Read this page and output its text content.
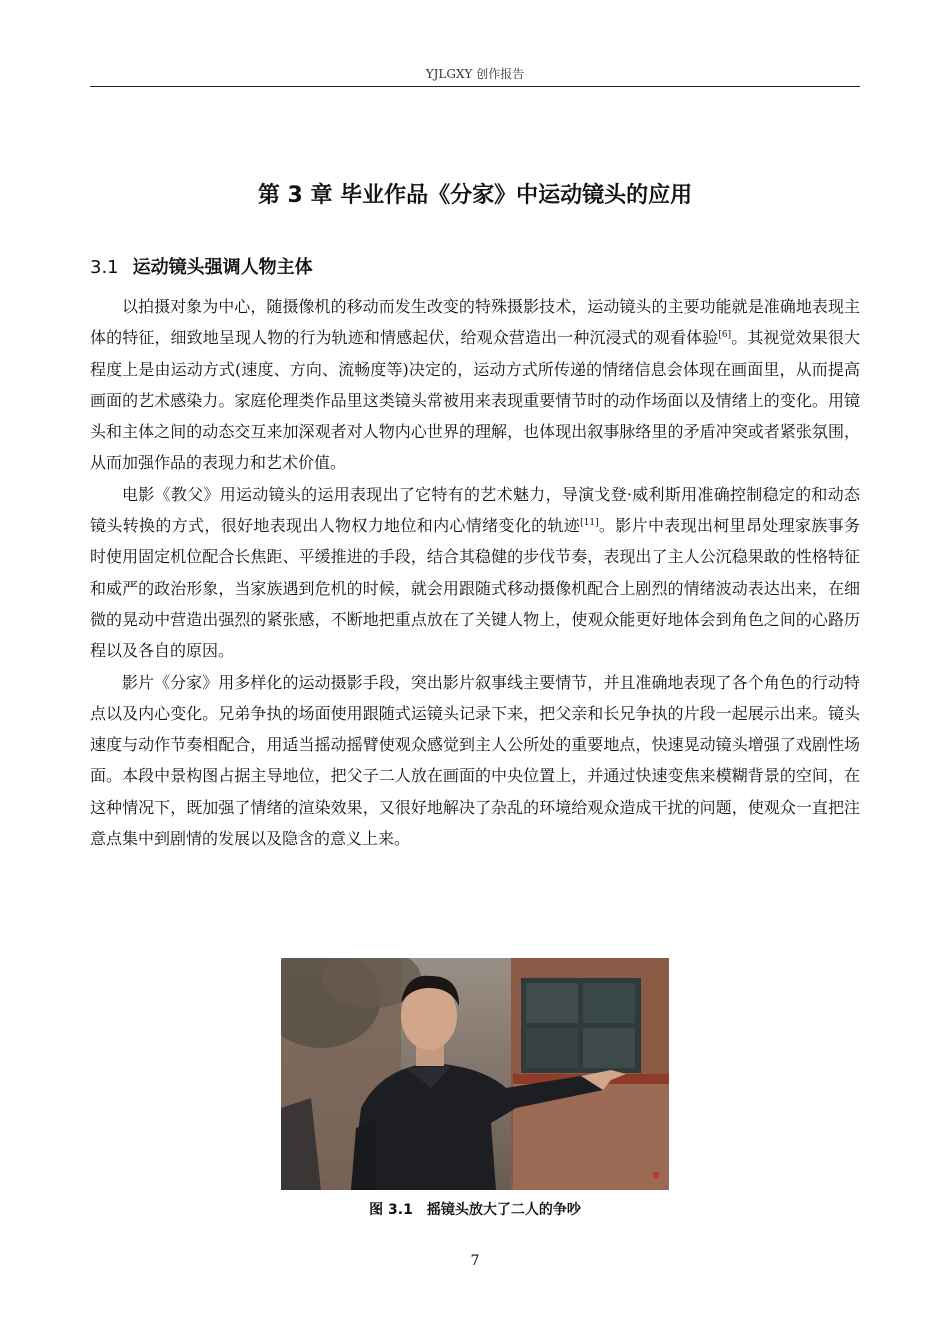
YJLGXY 创作报告
第 3 章 毕业作品《分家》中运动镜头的应用
3.1 运动镜头强调人物主体

以拍摄对象为中心，随摄像机的移动而发生改变的特殊摄影技术，运动镜头的主要功能就是准确地表现主体的特征，细致地呈现人物的行为轨迹和情感起伏，给观众营造出一种沉浸式的观看体验[6]。其视觉效果很大程度上是由运动方式(速度、方向、流畅度等)决定的，运动方式所传递的情绪信息会体现在画面里，从而提高画面的艺术感染力。家庭伦理类作品里这类镜头常被用来表现重要情节时的动作场面以及情绪上的变化。用镜头和主体之间的动态交互来加深观者对人物内心世界的理解，也体现出叙事脉络里的矛盾冲突或者紧张氛围，从而加强作品的表现力和艺术价值。

电影《教父》用运动镜头的运用表现出了它特有的艺术魅力，导演戈登·威利斯用准确控制稳定的和动态镜头转换的方式，很好地表现出人物权力地位和内心情绪变化的轨迹[11]。影片中表现出柯里昂处理家族事务时使用固定机位配合长焦距、平缓推进的手段，结合其稳健的步伐节奏，表现出了主人公沉稳果敢的性格特征和威严的政治形象，当家族遇到危机的时候，就会用跟随式移动摄像机配合上剧烈的情绪波动表达出来，在细微的晃动中营造出强烈的紧张感，不断地把重点放在了关键人物上，使观众能更好地体会到角色之间的心路历程以及各自的原因。

影片《分家》用多样化的运动摄影手段，突出影片叙事线主要情节，并且准确地表现了各个角色的行动特点以及内心变化。兄弟争执的场面使用跟随式运镜头记录下来，把父亲和长兄争执的片段一起展示出来。镜头速度与动作节奏相配合，用适当摇动摇臂使观众感觉到主人公所处的重要地点，快速晃动镜头增强了戏剧性场面。本段中景构图占据主导地位，把父子二人放在画面的中央位置上，并通过快速变焦来模糊背景的空间，在这种情况下，既加强了情绪的渲染效果，又很好地解决了杂乱的环境给观众造成干扰的问题，使观众一直把注意点集中到剧情的发展以及隐含的意义上来。

图 3.1 摇镜头放大了二人的争吵
7
